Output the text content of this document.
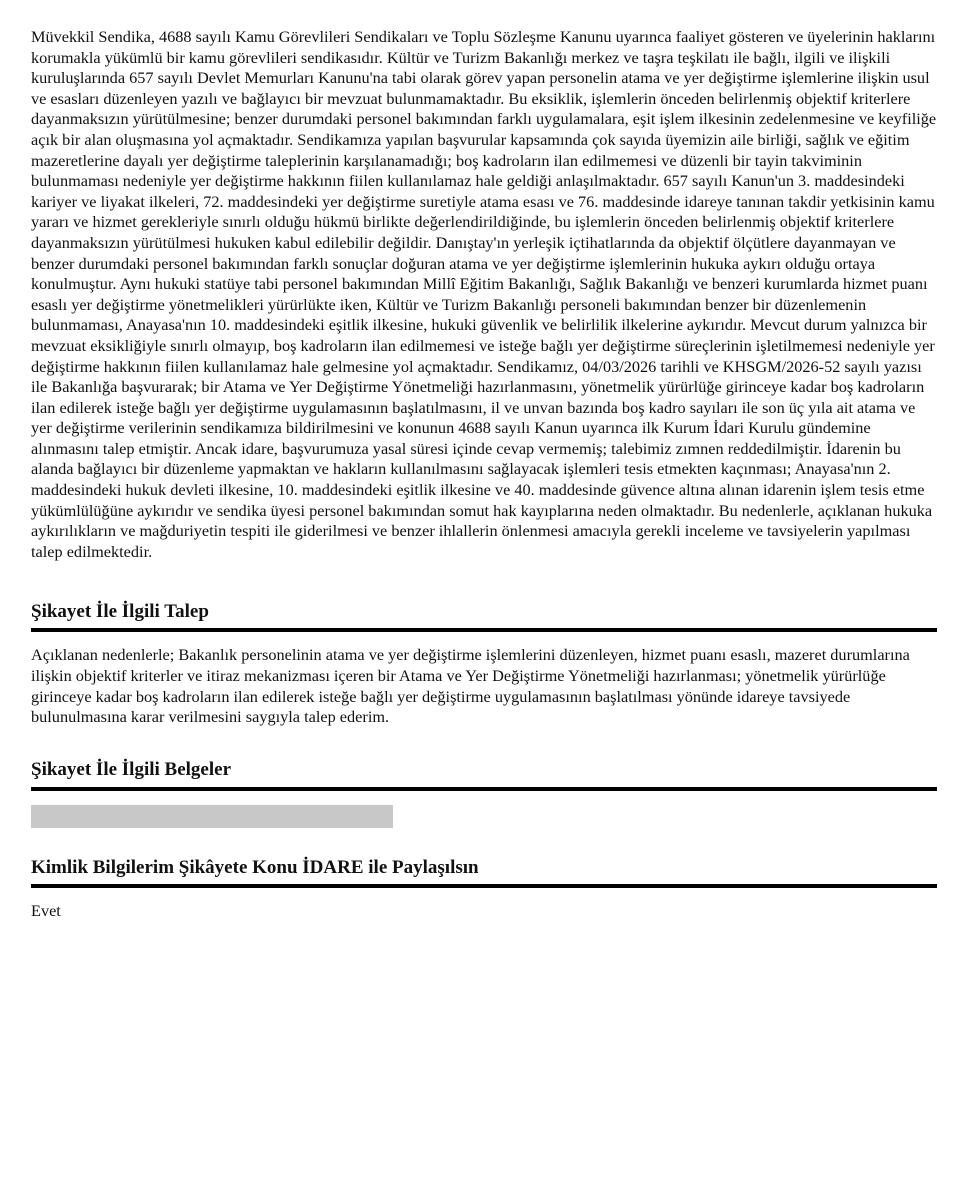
Müvekkil Sendika, 4688 sayılı Kamu Görevlileri Sendikaları ve Toplu Sözleşme Kanunu uyarınca faaliyet gösteren ve üyelerinin haklarını korumakla yükümlü bir kamu görevlileri sendikasıdır. Kültür ve Turizm Bakanlığı merkez ve taşra teşkilatı ile bağlı, ilgili ve ilişkili kuruluşlarında 657 sayılı Devlet Memurları Kanunu'na tabi olarak görev yapan personelin atama ve yer değiştirme işlemlerine ilişkin usul ve esasları düzenleyen yazılı ve bağlayıcı bir mevzuat bulunmamaktadır. Bu eksiklik, işlemlerin önceden belirlenmiş objektif kriterlere dayanmaksızın yürütülmesine; benzer durumdaki personel bakımından farklı uygulamalara, eşit işlem ilkesinin zedelenmesine ve keyfiliğe açık bir alan oluşmasına yol açmaktadır. Sendikamıza yapılan başvurular kapsamında çok sayıda üyemizin aile birliği, sağlık ve eğitim mazeretlerine dayalı yer değiştirme taleplerinin karşılanamadığı; boş kadroların ilan edilmemesi ve düzenli bir tayin takviminin bulunmaması nedeniyle yer değiştirme hakkının fiilen kullanılamaz hale geldiği anlaşılmaktadır. 657 sayılı Kanun'un 3. maddesindeki kariyer ve liyakat ilkeleri, 72. maddesindeki yer değiştirme suretiyle atama esası ve 76. maddesinde idareye tanınan takdir yetkisinin kamu yararı ve hizmet gerekleriyle sınırlı olduğu hükmü birlikte değerlendirildiğinde, bu işlemlerin önceden belirlenmiş objektif kriterlere dayanmaksızın yürütülmesi hukuken kabul edilebilir değildir. Danıştay'ın yerleşik içtihatlarında da objektif ölçütlere dayanmayan ve benzer durumdaki personel bakımından farklı sonuçlar doğuran atama ve yer değiştirme işlemlerinin hukuka aykırı olduğu ortaya konulmuştur. Aynı hukuki statüye tabi personel bakımından Millî Eğitim Bakanlığı, Sağlık Bakanlığı ve benzeri kurumlarda hizmet puanı esaslı yer değiştirme yönetmelikleri yürürlükte iken, Kültür ve Turizm Bakanlığı personeli bakımından benzer bir düzenlemenin bulunmaması, Anayasa'nın 10. maddesindeki eşitlik ilkesine, hukuki güvenlik ve belirlilik ilkelerine aykırıdır. Mevcut durum yalnızca bir mevzuat eksikliğiyle sınırlı olmayıp, boş kadroların ilan edilmemesi ve isteğe bağlı yer değiştirme süreçlerinin işletilmemesi nedeniyle yer değiştirme hakkının fiilen kullanılamaz hale gelmesine yol açmaktadır. Sendikamız, 04/03/2026 tarihli ve KHSGM/2026-52 sayılı yazısı ile Bakanlığa başvurarak; bir Atama ve Yer Değiştirme Yönetmeliği hazırlanmasını, yönetmelik yürürlüğe girinceye kadar boş kadroların ilan edilerek isteğe bağlı yer değiştirme uygulamasının başlatılmasını, il ve unvan bazında boş kadro sayıları ile son üç yıla ait atama ve yer değiştirme verilerinin sendikamıza bildirilmesini ve konunun 4688 sayılı Kanun uyarınca ilk Kurum İdari Kurulu gündemine alınmasını talep etmiştir. Ancak idare, başvurumuza yasal süresi içinde cevap vermemiş; talebimiz zımnen reddedilmiştir. İdarenin bu alanda bağlayıcı bir düzenleme yapmaktan ve hakların kullanılmasını sağlayacak işlemleri tesis etmekten kaçınması; Anayasa'nın 2. maddesindeki hukuk devleti ilkesine, 10. maddesindeki eşitlik ilkesine ve 40. maddesinde güvence altına alınan idarenin işlem tesis etme yükümlülüğüne aykırıdır ve sendika üyesi personel bakımından somut hak kayıplarına neden olmaktadır. Bu nedenlerle, açıklanan hukuka aykırılıkların ve mağduriyetin tespiti ile giderilmesi ve benzer ihlallerin önlenmesi amacıyla gerekli inceleme ve tavsiyelerin yapılması talep edilmektedir.

Şikayet İle İlgili Talep

Açıklanan nedenlerle; Bakanlık personelinin atama ve yer değiştirme işlemlerini düzenleyen, hizmet puanı esaslı, mazeret durumlarına ilişkin objektif kriterler ve itiraz mekanizması içeren bir Atama ve Yer Değiştirme Yönetmeliği hazırlanması; yönetmelik yürürlüğe girinceye kadar boş kadroların ilan edilerek isteğe bağlı yer değiştirme uygulamasının başlatılması yönünde idareye tavsiyede bulunulmasına karar verilmesini saygıyla talep ederim.

Şikayet İle İlgili Belgeler
Kimlik Bilgilerim Şikâyete Konu İDARE ile Paylaşılsın

Evet
